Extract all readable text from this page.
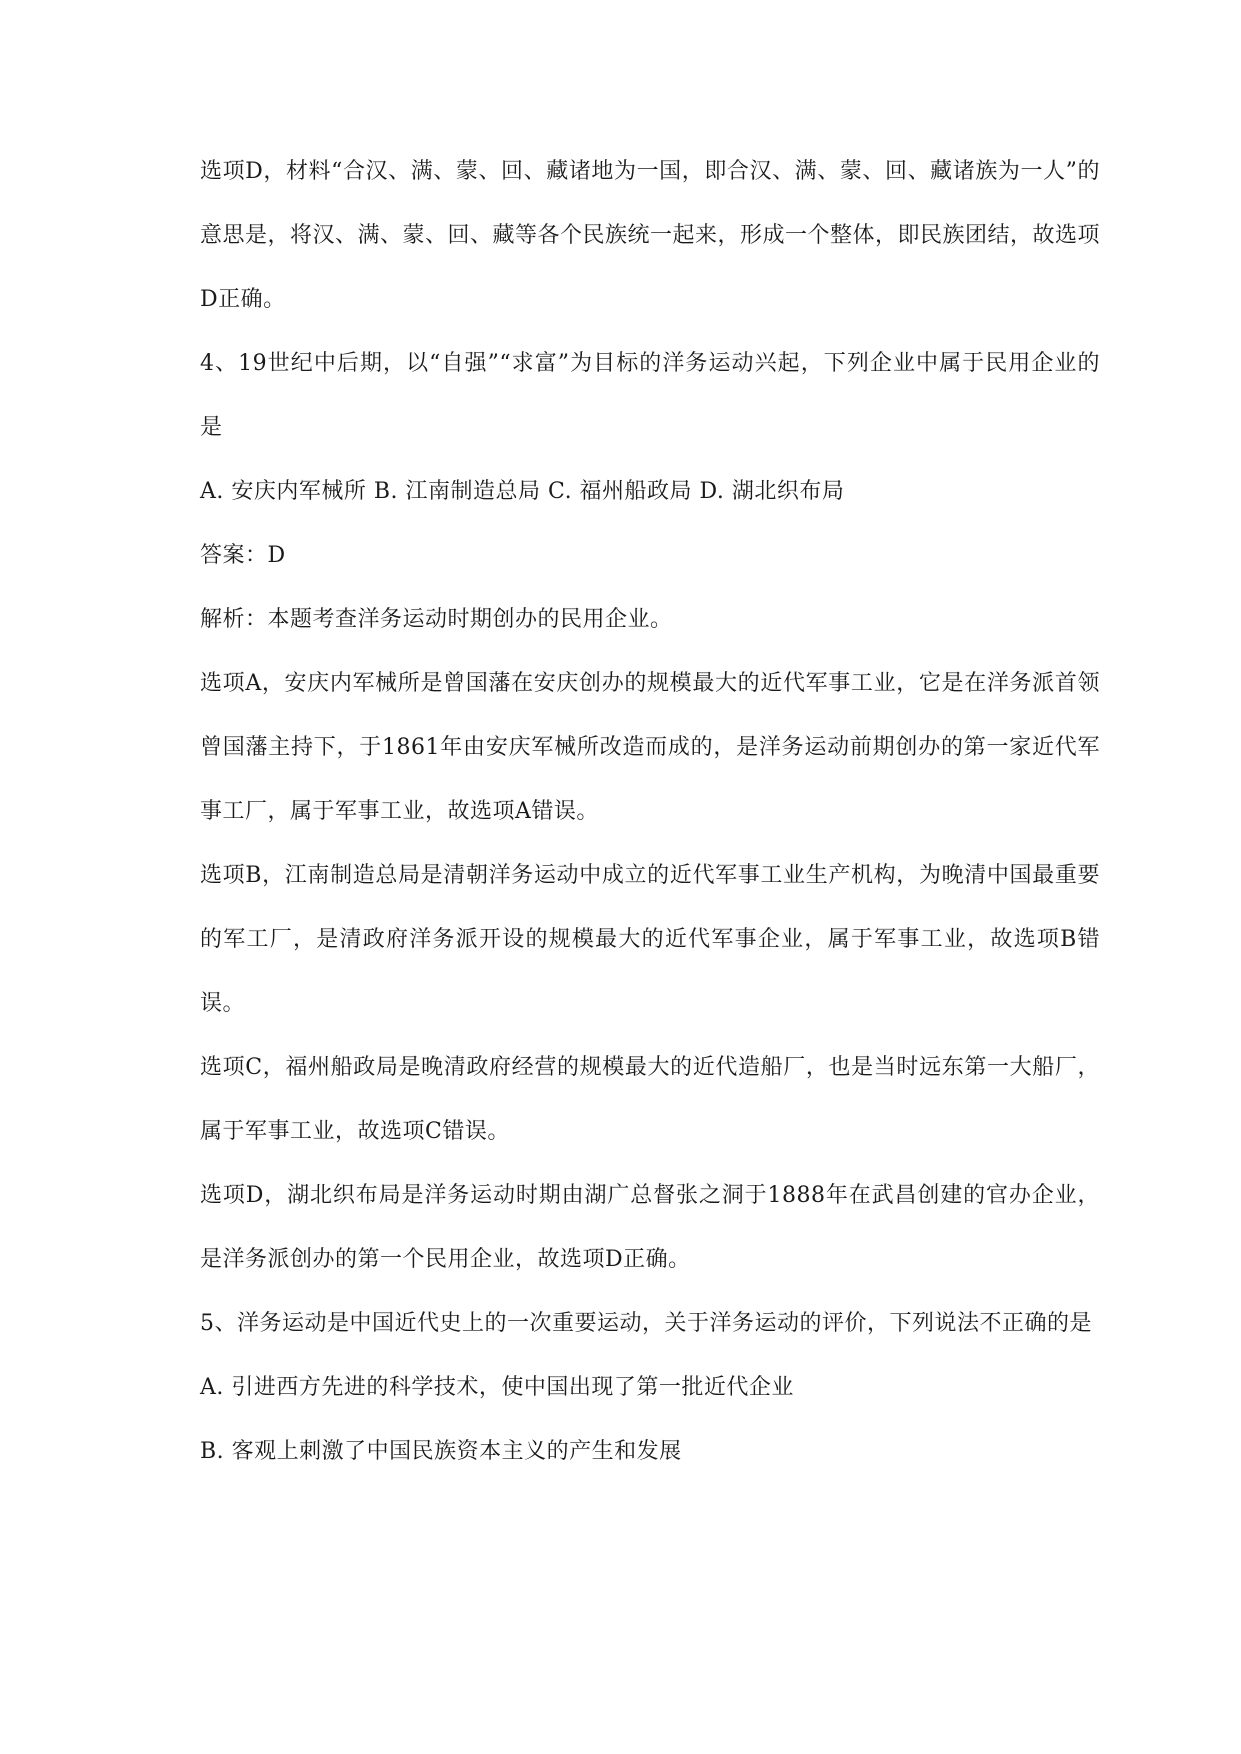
选项D，材料“合汉、满、蒙、回、藏诸地为一国，即合汉、满、蒙、回、藏诸族为一人”的意思是，将汉、满、蒙、回、藏等各个民族统一起来，形成一个整体，即民族团结，故选项D正确。

4、19世纪中后期，以“自强”“求富”为目标的洋务运动兴起，下列企业中属于民用企业的是

A. 安庆内军械所 B. 江南制造总局 C. 福州船政局 D. 湖北织布局

答案：D

解析：本题考查洋务运动时期创办的民用企业。

选项A，安庆内军械所是曾国藩在安庆创办的规模最大的近代军事工业，它是在洋务派首领曾国藩主持下，于1861年由安庆军械所改造而成的，是洋务运动前期创办的第一家近代军事工厂，属于军事工业，故选项A错误。

选项B，江南制造总局是清朝洋务运动中成立的近代军事工业生产机构，为晚清中国最重要的军工厂，是清政府洋务派开设的规模最大的近代军事企业，属于军事工业，故选项B错误。

选项C，福州船政局是晚清政府经营的规模最大的近代造船厂，也是当时远东第一大船厂，属于军事工业，故选项C错误。

选项D，湖北织布局是洋务运动时期由湖广总督张之洞于1888年在武昌创建的官办企业，是洋务派创办的第一个民用企业，故选项D正确。

5、洋务运动是中国近代史上的一次重要运动，关于洋务运动的评价，下列说法不正确的是

A. 引进西方先进的科学技术，使中国出现了第一批近代企业

B. 客观上刺激了中国民族资本主义的产生和发展
